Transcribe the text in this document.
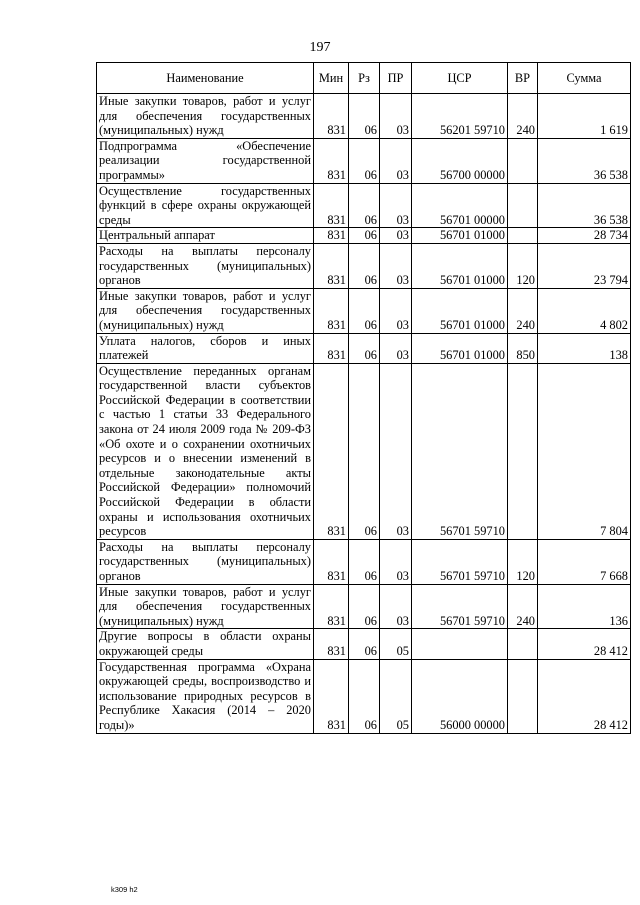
197
Наименование	Мин	Рз	ПР	ЦСР	ВР	Сумма
Иные закупки товаров, работ и услуг для обеспечения государственных (муниципальных) нужд	831	06	03	56201 59710	240	1 619
Подпрограмма «Обеспечение реализации государственной программы»	831	06	03	56700 00000		36 538
Осуществление государственных функций в сфере охраны окружающей среды	831	06	03	56701 00000		36 538
Центральный аппарат	831	06	03	56701 01000		28 734
Расходы на выплаты персоналу государственных (муниципальных) органов	831	06	03	56701 01000	120	23 794
Иные закупки товаров, работ и услуг для обеспечения государственных (муниципальных) нужд	831	06	03	56701 01000	240	4 802
Уплата налогов, сборов и иных платежей	831	06	03	56701 01000	850	138
Осуществление переданных органам государственной власти субъектов Российской Федерации в соответствии с частью 1 статьи 33 Федерального закона от 24 июля 2009 года № 209-ФЗ «Об охоте и о сохранении охотничьих ресурсов и о внесении изменений в отдельные законодательные акты Российской Федерации» полномочий Российской Федерации в области охраны и использования охотничьих ресурсов	831	06	03	56701 59710		7 804
Расходы на выплаты персоналу государственных (муниципальных) органов	831	06	03	56701 59710	120	7 668
Иные закупки товаров, работ и услуг для обеспечения государственных (муниципальных) нужд	831	06	03	56701 59710	240	136
Другие вопросы в области охраны окружающей среды	831	06	05			28 412
Государственная программа «Охрана окружающей среды, воспроизводство и использование природных ресурсов в Республике Хакасия (2014 – 2020 годы)»	831	06	05	56000 00000		28 412
k309 h2
